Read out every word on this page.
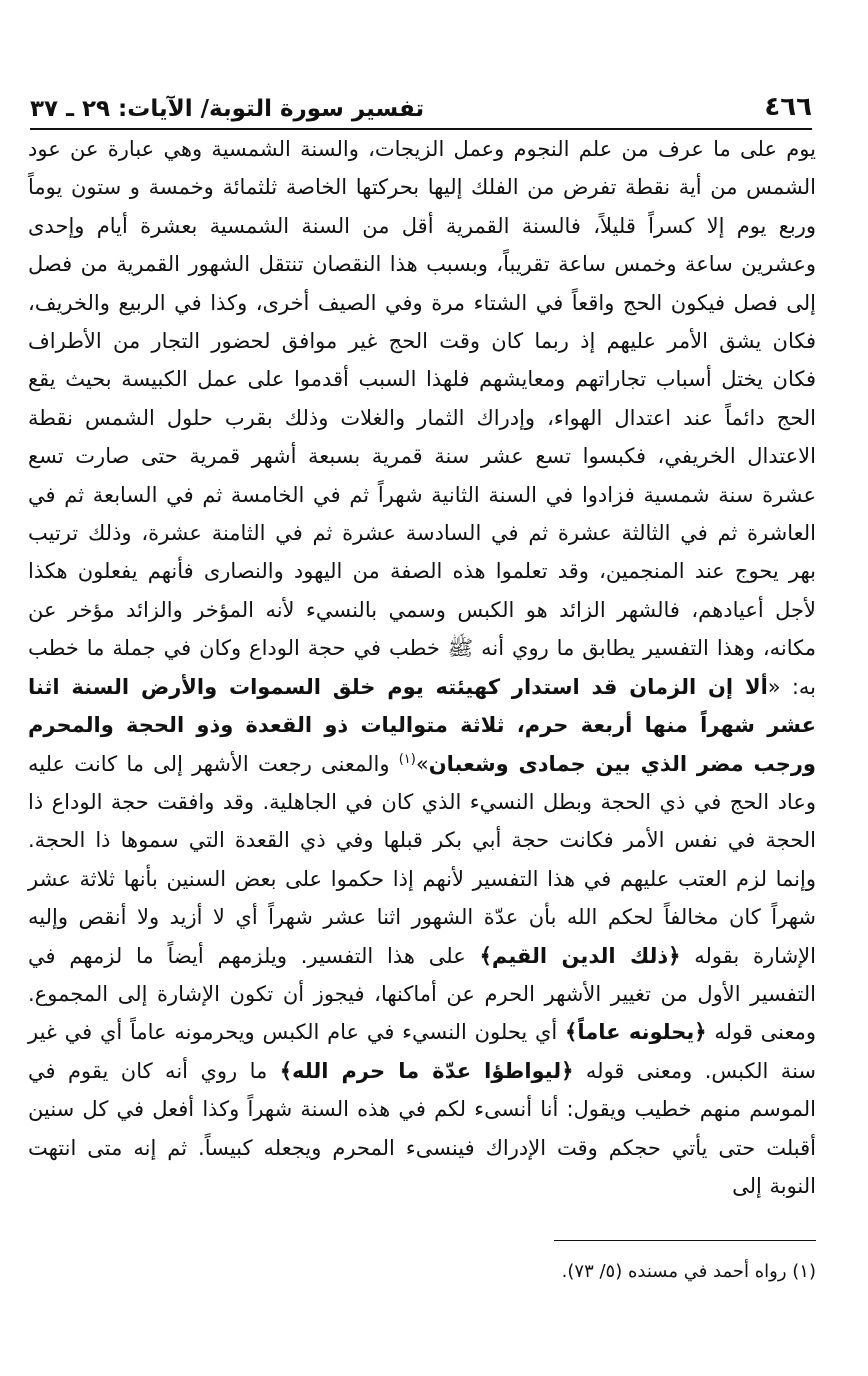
٤٦٦
تفسير سورة التوبة/ الآيات: ٢٩ ـ ٣٧

يوم على ما عرف من علم النجوم وعمل الزيجات، والسنة الشمسية وهي عبارة عن عود الشمس من أية نقطة تفرض من الفلك إليها بحركتها الخاصة ثلثمائة وخمسة و ستون يوماً وربع يوم إلا كسراً قليلاً، فالسنة القمرية أقل من السنة الشمسية بعشرة أيام وإحدى وعشرين ساعة وخمس ساعة تقريباً، وبسبب هذا النقصان تنتقل الشهور القمرية من فصل إلى فصل فيكون الحج واقعاً في الشتاء مرة وفي الصيف أخرى، وكذا في الربيع والخريف، فكان يشق الأمر عليهم إذ ربما كان وقت الحج غير موافق لحضور التجار من الأطراف فكان يختل أسباب تجاراتهم ومعايشهم فلهذا السبب أقدموا على عمل الكبيسة بحيث يقع الحج دائماً عند اعتدال الهواء، وإدراك الثمار والغلات وذلك بقرب حلول الشمس نقطة الاعتدال الخريفي، فكبسوا تسع عشر سنة قمرية بسبعة أشهر قمرية حتى صارت تسع عشرة سنة شمسية فزادوا في السنة الثانية شهراً ثم في الخامسة ثم في السابعة ثم في العاشرة ثم في الثالثة عشرة ثم في السادسة عشرة ثم في الثامنة عشرة، وذلك ترتيب بهر يحوج عند المنجمين، وقد تعلموا هذه الصفة من اليهود والنصارى فأنهم يفعلون هكذا لأجل أعيادهم، فالشهر الزائد هو الكبس وسمي بالنسيء لأنه المؤخر والزائد مؤخر عن مكانه، وهذا التفسير يطابق ما روي أنه ﷺ خطب في حجة الوداع وكان في جملة ما خطب به: «ألا إن الزمان قد استدار كهيئته يوم خلق السموات والأرض السنة اثنا عشر شهراً منها أربعة حرم، ثلاثة متواليات ذو القعدة وذو الحجة والمحرم ورجب مضر الذي بين جمادى وشعبان»$^{(١)}$ والمعنى رجعت الأشهر إلى ما كانت عليه وعاد الحج في ذي الحجة وبطل النسيء الذي كان في الجاهلية. وقد وافقت حجة الوداع ذا الحجة في نفس الأمر فكانت حجة أبي بكر قبلها وفي ذي القعدة التي سموها ذا الحجة. وإنما لزم العتب عليهم في هذا التفسير لأنهم إذا حكموا على بعض السنين بأنها ثلاثة عشر شهراً كان مخالفاً لحكم الله بأن عدّة الشهور اثنا عشر شهراً أي لا أزيد ولا أنقص وإليه الإشارة بقوله ﴿ذلك الدين القيم﴾ على هذا التفسير. ويلزمهم أيضاً ما لزمهم في التفسير الأول من تغيير الأشهر الحرم عن أماكنها، فيجوز أن تكون الإشارة إلى المجموع. ومعنى قوله ﴿يحلونه عاماً﴾ أي يحلون النسيء في عام الكبس ويحرمونه عاماً أي في غير سنة الكبس. ومعنى قوله ﴿ليواطؤا عدّة ما حرم الله﴾ ما روي أنه كان يقوم في الموسم منهم خطيب ويقول: أنا أنسىء لكم في هذه السنة شهراً وكذا أفعل في كل سنين أقبلت حتى يأتي حجكم وقت الإدراك فينسىء المحرم ويجعله كبيساً. ثم إنه متى انتهت النوبة إلى

(١) رواه أحمد في مسنده (٥/ ٧٣).
